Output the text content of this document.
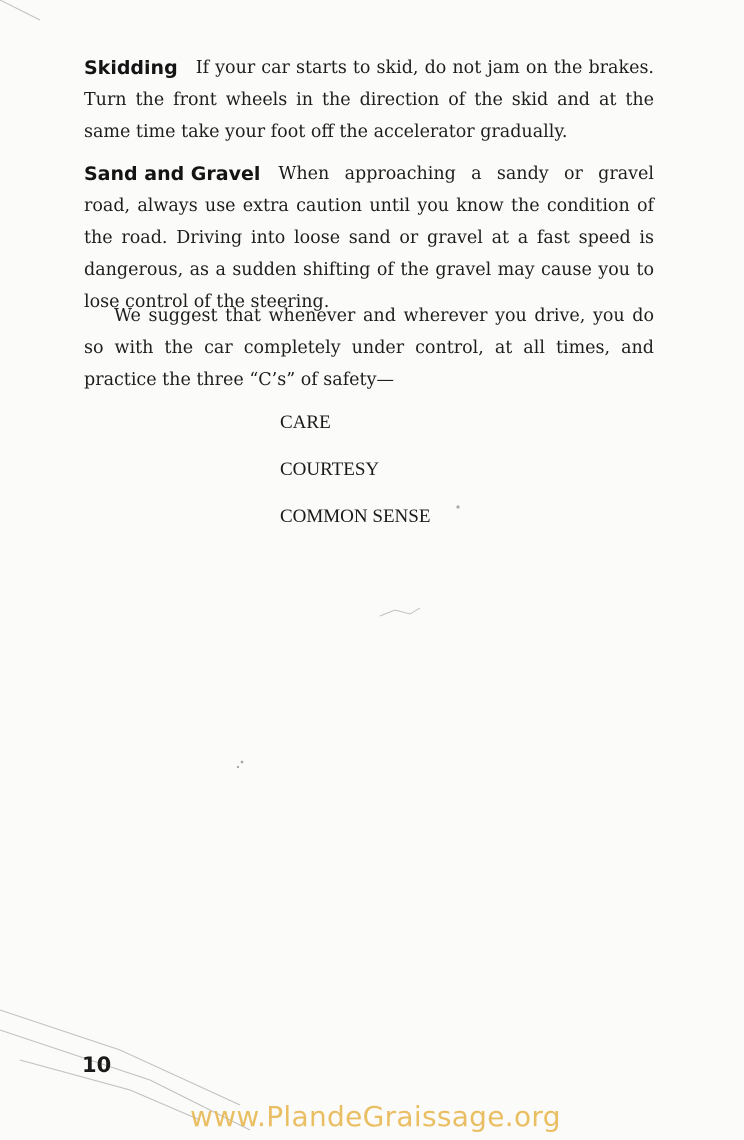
Skidding	If your car starts to skid, do not jam on the brakes. Turn the front wheels in the direction of the skid and at the same time take your foot off the accelerator gradually.

Sand and Gravel	When approaching a sandy or gravel road, always use extra caution until you know the condition of the road. Driving into loose sand or gravel at a fast speed is dangerous, as a sudden shifting of the gravel may cause you to lose control of the steering.

We suggest that whenever and wherever you drive, you do so with the car completely under control, at all times, and practice the three “C’s” of safety—

CARE
COURTESY
COMMON SENSE
10
www.PlandeGraissage.org
